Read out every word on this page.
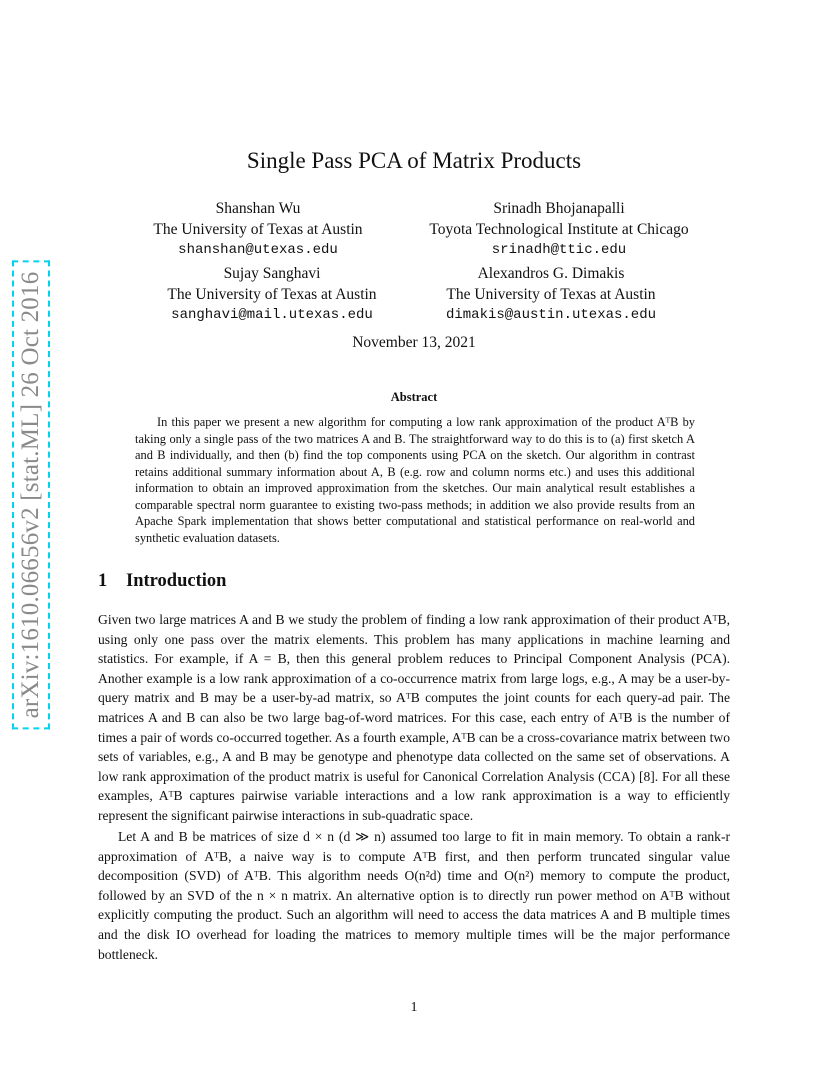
arXiv:1610.06656v2 [stat.ML] 26 Oct 2016
Single Pass PCA of Matrix Products
Shanshan Wu
The University of Texas at Austin
shanshan@utexas.edu
Srinadh Bhojanapalli
Toyota Technological Institute at Chicago
srinadh@ttic.edu
Sujay Sanghavi
The University of Texas at Austin
sanghavi@mail.utexas.edu
Alexandros G. Dimakis
The University of Texas at Austin
dimakis@austin.utexas.edu
November 13, 2021
Abstract
In this paper we present a new algorithm for computing a low rank approximation of the product AᵀB by taking only a single pass of the two matrices A and B. The straightforward way to do this is to (a) first sketch A and B individually, and then (b) find the top components using PCA on the sketch. Our algorithm in contrast retains additional summary information about A, B (e.g. row and column norms etc.) and uses this additional information to obtain an improved approximation from the sketches. Our main analytical result establishes a comparable spectral norm guarantee to existing two-pass methods; in addition we also provide results from an Apache Spark implementation that shows better computational and statistical performance on real-world and synthetic evaluation datasets.
1 Introduction
Given two large matrices A and B we study the problem of finding a low rank approximation of their product AᵀB, using only one pass over the matrix elements. This problem has many applications in machine learning and statistics. For example, if A = B, then this general problem reduces to Principal Component Analysis (PCA). Another example is a low rank approximation of a co-occurrence matrix from large logs, e.g., A may be a user-by-query matrix and B may be a user-by-ad matrix, so AᵀB computes the joint counts for each query-ad pair. The matrices A and B can also be two large bag-of-word matrices. For this case, each entry of AᵀB is the number of times a pair of words co-occurred together. As a fourth example, AᵀB can be a cross-covariance matrix between two sets of variables, e.g., A and B may be genotype and phenotype data collected on the same set of observations. A low rank approximation of the product matrix is useful for Canonical Correlation Analysis (CCA) [8]. For all these examples, AᵀB captures pairwise variable interactions and a low rank approximation is a way to efficiently represent the significant pairwise interactions in sub-quadratic space.
Let A and B be matrices of size d × n (d ≫ n) assumed too large to fit in main memory. To obtain a rank-r approximation of AᵀB, a naive way is to compute AᵀB first, and then perform truncated singular value decomposition (SVD) of AᵀB. This algorithm needs O(n²d) time and O(n²) memory to compute the product, followed by an SVD of the n × n matrix. An alternative option is to directly run power method on AᵀB without explicitly computing the product. Such an algorithm will need to access the data matrices A and B multiple times and the disk IO overhead for loading the matrices to memory multiple times will be the major performance bottleneck.
1
